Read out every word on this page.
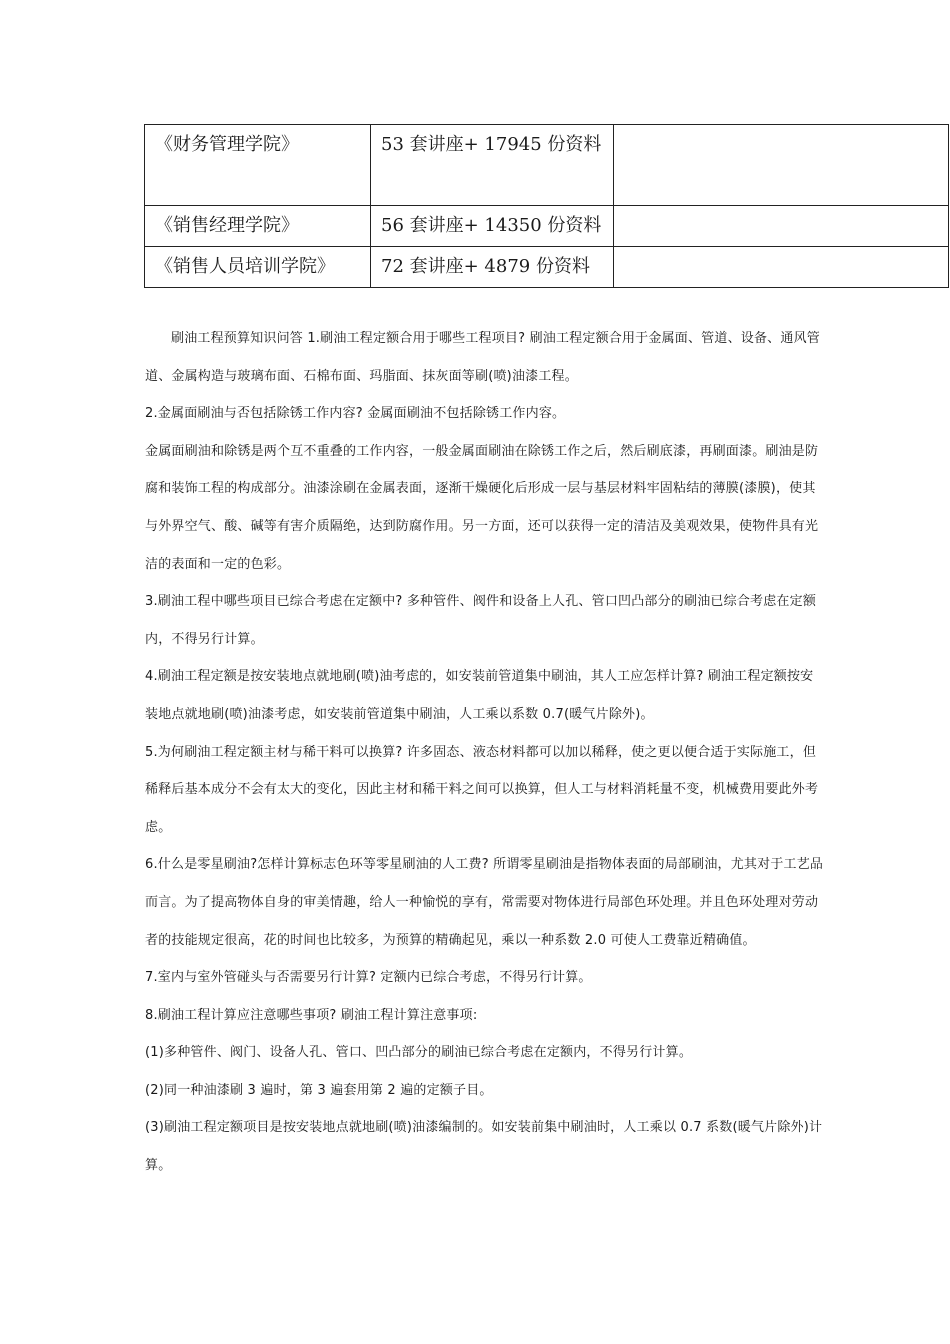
《财务管理学院》	53 套讲座+ 17945 份资料	
《销售经理学院》	56 套讲座+ 14350 份资料	
《销售人员培训学院》	72 套讲座+ 4879 份资料	

刷油工程预算知识问答 1.刷油工程定额合用于哪些工程项目? 刷油工程定额合用于金属面、管道、设备、通风管道、金属构造与玻璃布面、石棉布面、玛脂面、抹灰面等刷(喷)油漆工程。

2.金属面刷油与否包括除锈工作内容? 金属面刷油不包括除锈工作内容。

金属面刷油和除锈是两个互不重叠的工作内容，一般金属面刷油在除锈工作之后，然后刷底漆，再刷面漆。刷油是防腐和装饰工程的构成部分。油漆涂刷在金属表面，逐渐干燥硬化后形成一层与基层材料牢固粘结的薄膜(漆膜)，使其与外界空气、酸、碱等有害介质隔绝，达到防腐作用。另一方面，还可以获得一定的清洁及美观效果，使物件具有光洁的表面和一定的色彩。

3.刷油工程中哪些项目已综合考虑在定额中? 多种管件、阀件和设备上人孔、管口凹凸部分的刷油已综合考虑在定额内，不得另行计算。

4.刷油工程定额是按安装地点就地刷(喷)油考虑的，如安装前管道集中刷油，其人工应怎样计算? 刷油工程定额按安装地点就地刷(喷)油漆考虑，如安装前管道集中刷油，人工乘以系数 0.7(暖气片除外)。

5.为何刷油工程定额主材与稀干料可以换算? 许多固态、液态材料都可以加以稀释，使之更以便合适于实际施工，但稀释后基本成分不会有太大的变化，因此主材和稀干料之间可以换算，但人工与材料消耗量不变，机械费用要此外考虑。

6.什么是零星刷油?怎样计算标志色环等零星刷油的人工费? 所谓零星刷油是指物体表面的局部刷油，尤其对于工艺品而言。为了提高物体自身的审美情趣，给人一种愉悦的享有，常需要对物体进行局部色环处理。并且色环处理对劳动者的技能规定很高，花的时间也比较多，为预算的精确起见，乘以一种系数 2.0 可使人工费靠近精确值。

7.室内与室外管碰头与否需要另行计算? 定额内已综合考虑，不得另行计算。

8.刷油工程计算应注意哪些事项? 刷油工程计算注意事项:

(1)多种管件、阀门、设备人孔、管口、凹凸部分的刷油已综合考虑在定额内，不得另行计算。

(2)同一种油漆刷 3 遍时，第 3 遍套用第 2 遍的定额子目。

(3)刷油工程定额项目是按安装地点就地刷(喷)油漆编制的。如安装前集中刷油时，人工乘以 0.7 系数(暖气片除外)计算。
